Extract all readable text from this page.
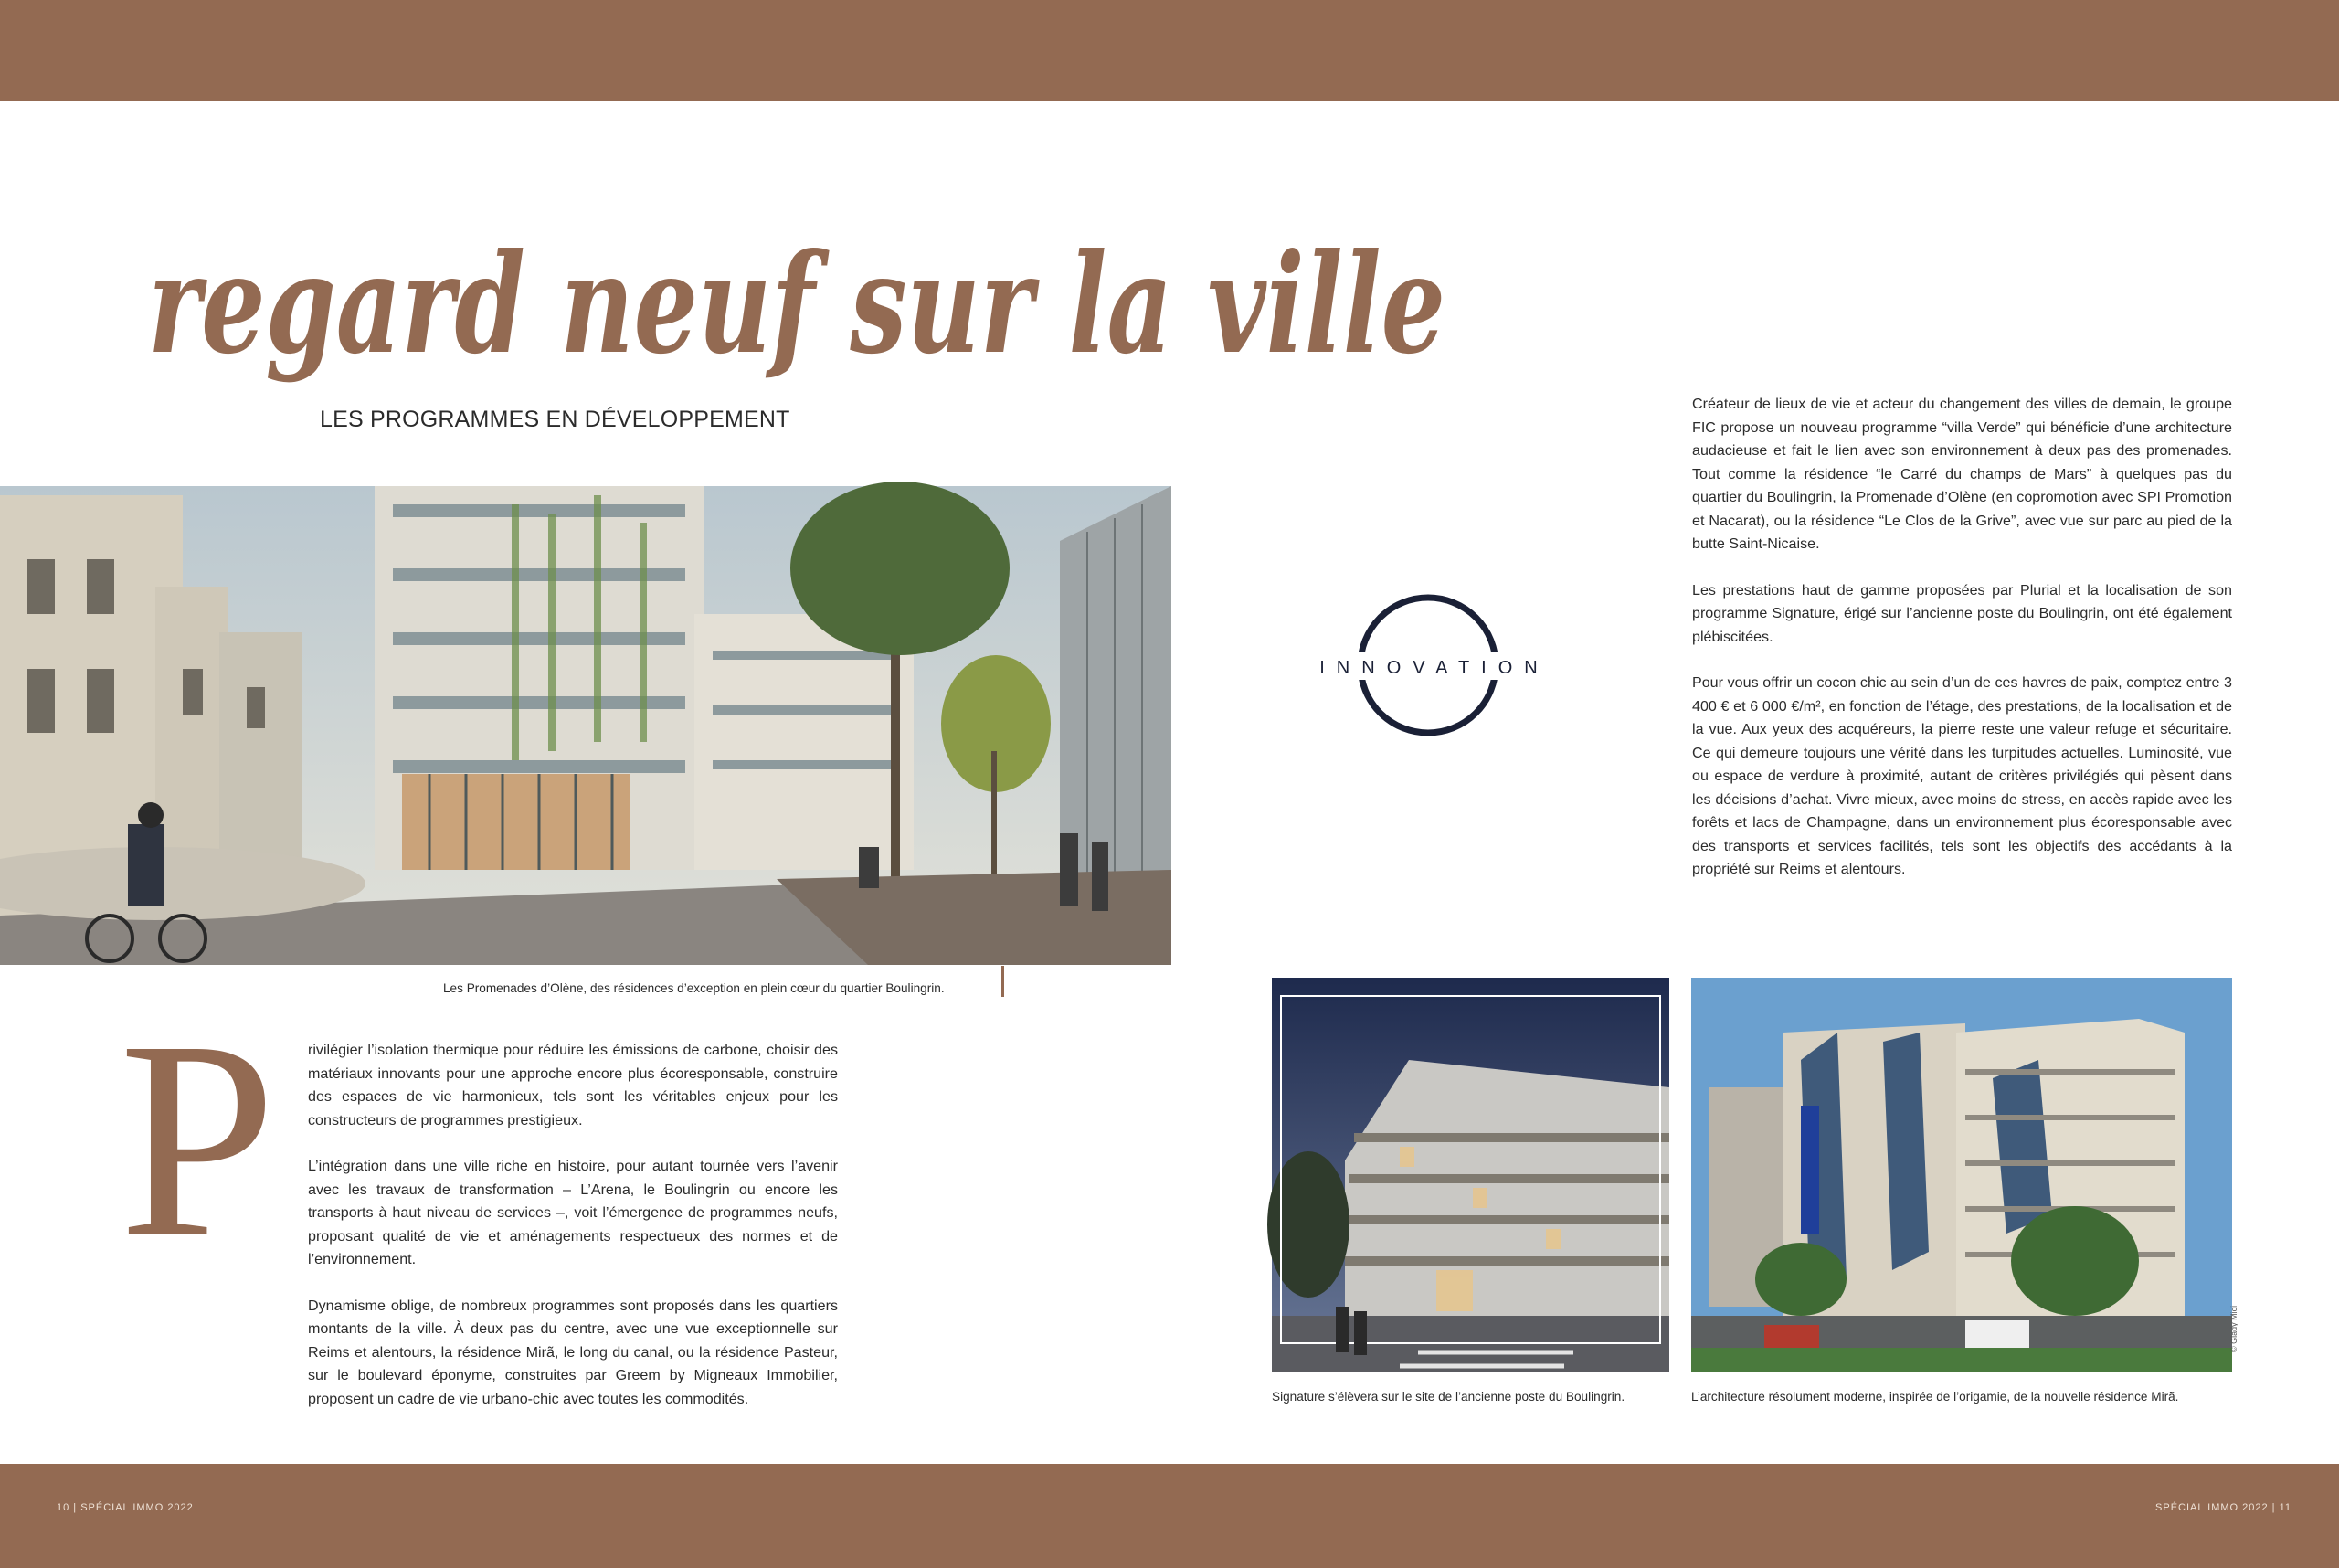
regard neuf sur la ville
LES PROGRAMMES EN DÉVELOPPEMENT
Les Promenades d’Olène, des résidences d’exception en plein cœur du quartier Boulingrin.
P rivilégier l’isolation thermique pour réduire les émissions de carbone, choisir des matériaux innovants pour une approche encore plus écoresponsable, construire des espaces de vie harmonieux, tels sont les véritables enjeux pour les constructeurs de programmes prestigieux.

L’intégration dans une ville riche en histoire, pour autant tournée vers l’avenir avec les travaux de transformation – L’Arena, le Boulingrin ou encore les transports à haut niveau de services –, voit l’émergence de programmes neufs, proposant qualité de vie et aménagements respectueux des normes et de l’environnement.

Dynamisme oblige, de nombreux programmes sont proposés dans les quartiers montants de la ville. À deux pas du centre, avec une vue exceptionnelle sur Reims et alentours, la résidence Mirã, le long du canal, ou la résidence Pasteur, sur le boulevard éponyme, construites par Greem by Migneaux Immobilier, proposent un cadre de vie urbano-chic avec toutes les commodités.

INNOVATION

Créateur de lieux de vie et acteur du changement des villes de demain, le groupe FIC propose un nouveau programme “villa Verde” qui bénéficie d’une architecture audacieuse et fait le lien avec son environnement à deux pas des promenades. Tout comme la résidence “le Carré du champs de Mars” à quelques pas du quartier du Boulingrin, la Promenade d’Olène (en copromotion avec SPI Promotion et Nacarat), ou la résidence “Le Clos de la Grive”, avec vue sur parc au pied de la butte Saint-Nicaise.

Les prestations haut de gamme proposées par Plurial et la localisation de son programme Signature, érigé sur l’ancienne poste du Boulingrin, ont été également plébiscitées.

Pour vous offrir un cocon chic au sein d’un de ces havres de paix, comptez entre 3 400 € et 6 000 €/m², en fonction de l’étage, des prestations, de la localisation et de la vue. Aux yeux des acquéreurs, la pierre reste une valeur refuge et sécuritaire. Ce qui demeure toujours une vérité dans les turpitudes actuelles. Luminosité, vue ou espace de verdure à proximité, autant de critères privilégiés qui pèsent dans les décisions d’achat. Vivre mieux, avec moins de stress, en accès rapide avec les forêts et lacs de Champagne, dans un environnement plus écoresponsable avec des transports et services facilités, tels sont les objectifs des accédants à la propriété sur Reims et alentours.

Signature s’élèvera sur le site de l’ancienne poste du Boulingrin.
© Glady Mici
L’architecture résolument moderne, inspirée de l’origamie, de la nouvelle résidence Mirã.
10 | SPÉCIAL IMMO 2022	SPÉCIAL IMMO 2022 | 11
